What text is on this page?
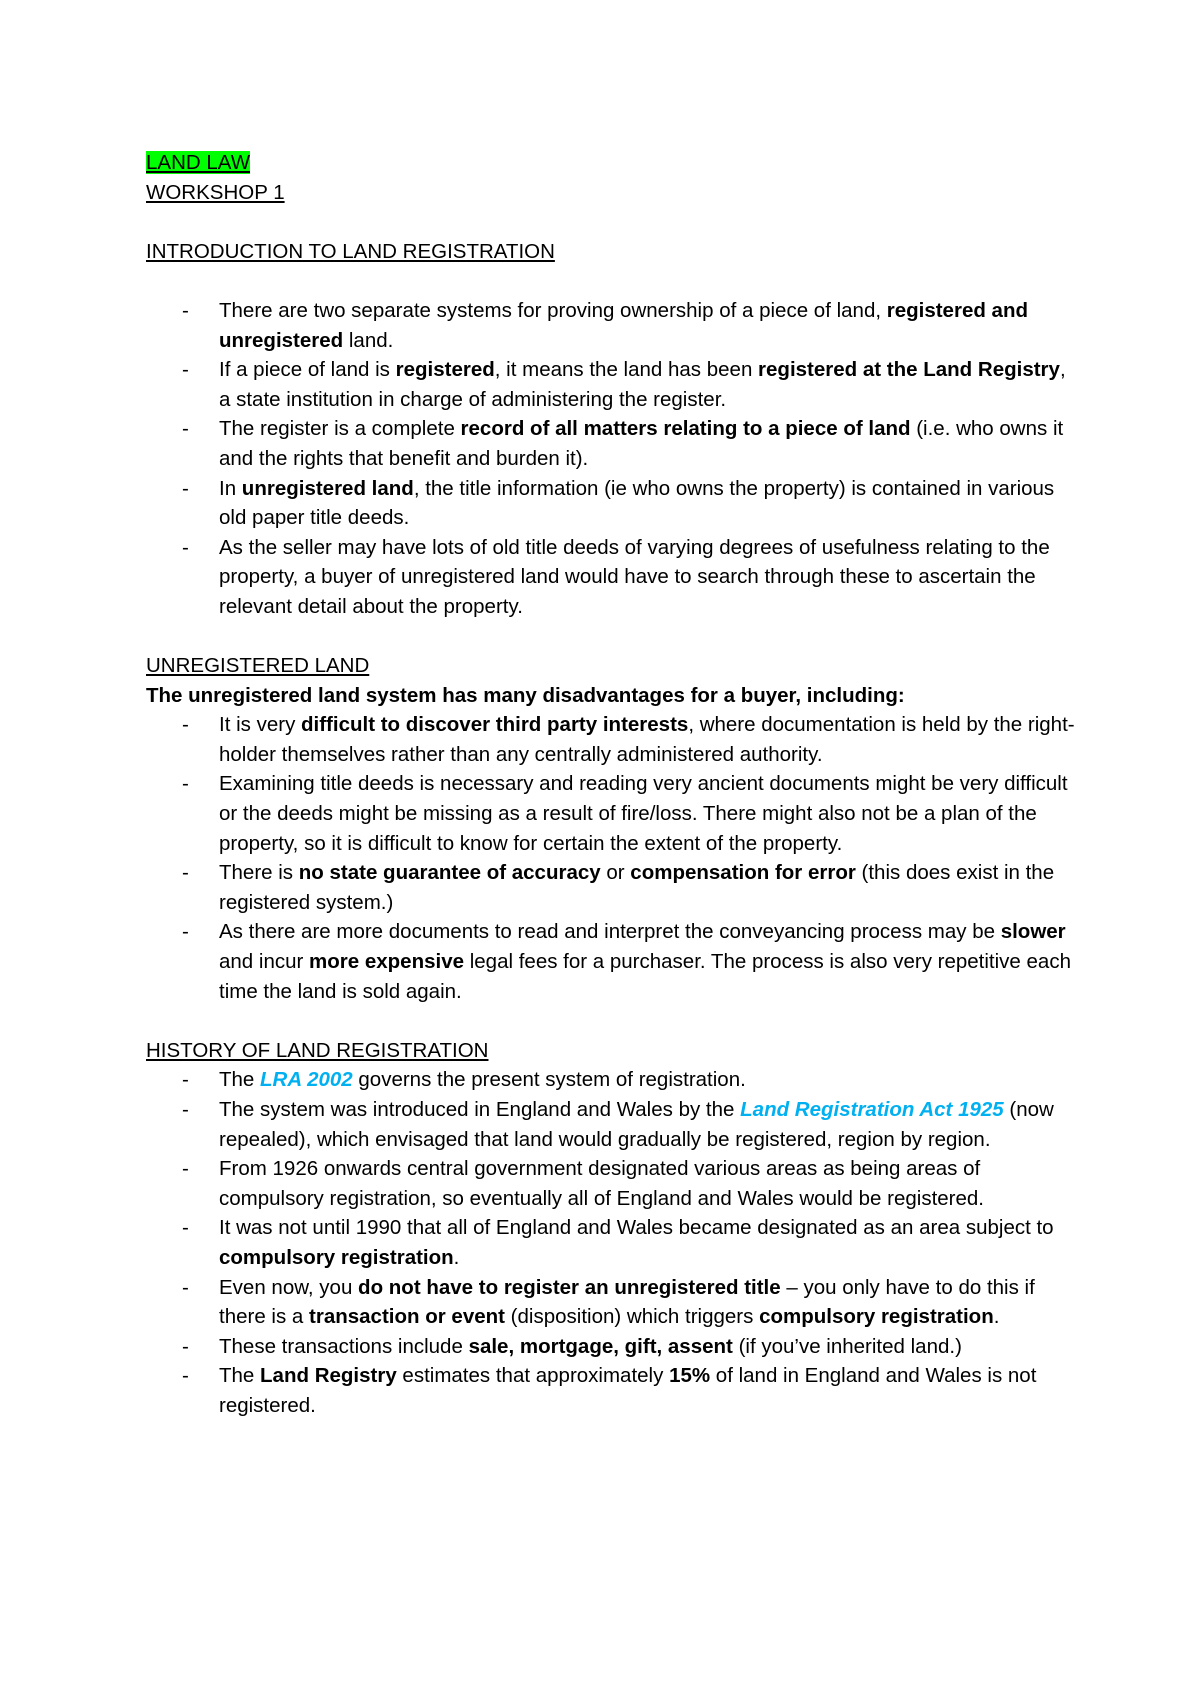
LAND LAW
WORKSHOP 1
INTRODUCTION TO LAND REGISTRATION
- There are two separate systems for proving ownership of a piece of land, registered and unregistered land.
- If a piece of land is registered, it means the land has been registered at the Land Registry, a state institution in charge of administering the register.
- The register is a complete record of all matters relating to a piece of land (i.e. who owns it and the rights that benefit and burden it).
- In unregistered land, the title information (ie who owns the property) is contained in various old paper title deeds.
- As the seller may have lots of old title deeds of varying degrees of usefulness relating to the property, a buyer of unregistered land would have to search through these to ascertain the relevant detail about the property.
UNREGISTERED LAND
The unregistered land system has many disadvantages for a buyer, including:
- It is very difficult to discover third party interests, where documentation is held by the right-holder themselves rather than any centrally administered authority.
- Examining title deeds is necessary and reading very ancient documents might be very difficult or the deeds might be missing as a result of fire/loss. There might also not be a plan of the property, so it is difficult to know for certain the extent of the property.
- There is no state guarantee of accuracy or compensation for error (this does exist in the registered system.)
- As there are more documents to read and interpret the conveyancing process may be slower and incur more expensive legal fees for a purchaser. The process is also very repetitive each time the land is sold again.
HISTORY OF LAND REGISTRATION
- The LRA 2002 governs the present system of registration.
- The system was introduced in England and Wales by the Land Registration Act 1925 (now repealed), which envisaged that land would gradually be registered, region by region.
- From 1926 onwards central government designated various areas as being areas of compulsory registration, so eventually all of England and Wales would be registered.
- It was not until 1990 that all of England and Wales became designated as an area subject to compulsory registration.
- Even now, you do not have to register an unregistered title – you only have to do this if there is a transaction or event (disposition) which triggers compulsory registration.
- These transactions include sale, mortgage, gift, assent (if you’ve inherited land.)
- The Land Registry estimates that approximately 15% of land in England and Wales is not registered.
